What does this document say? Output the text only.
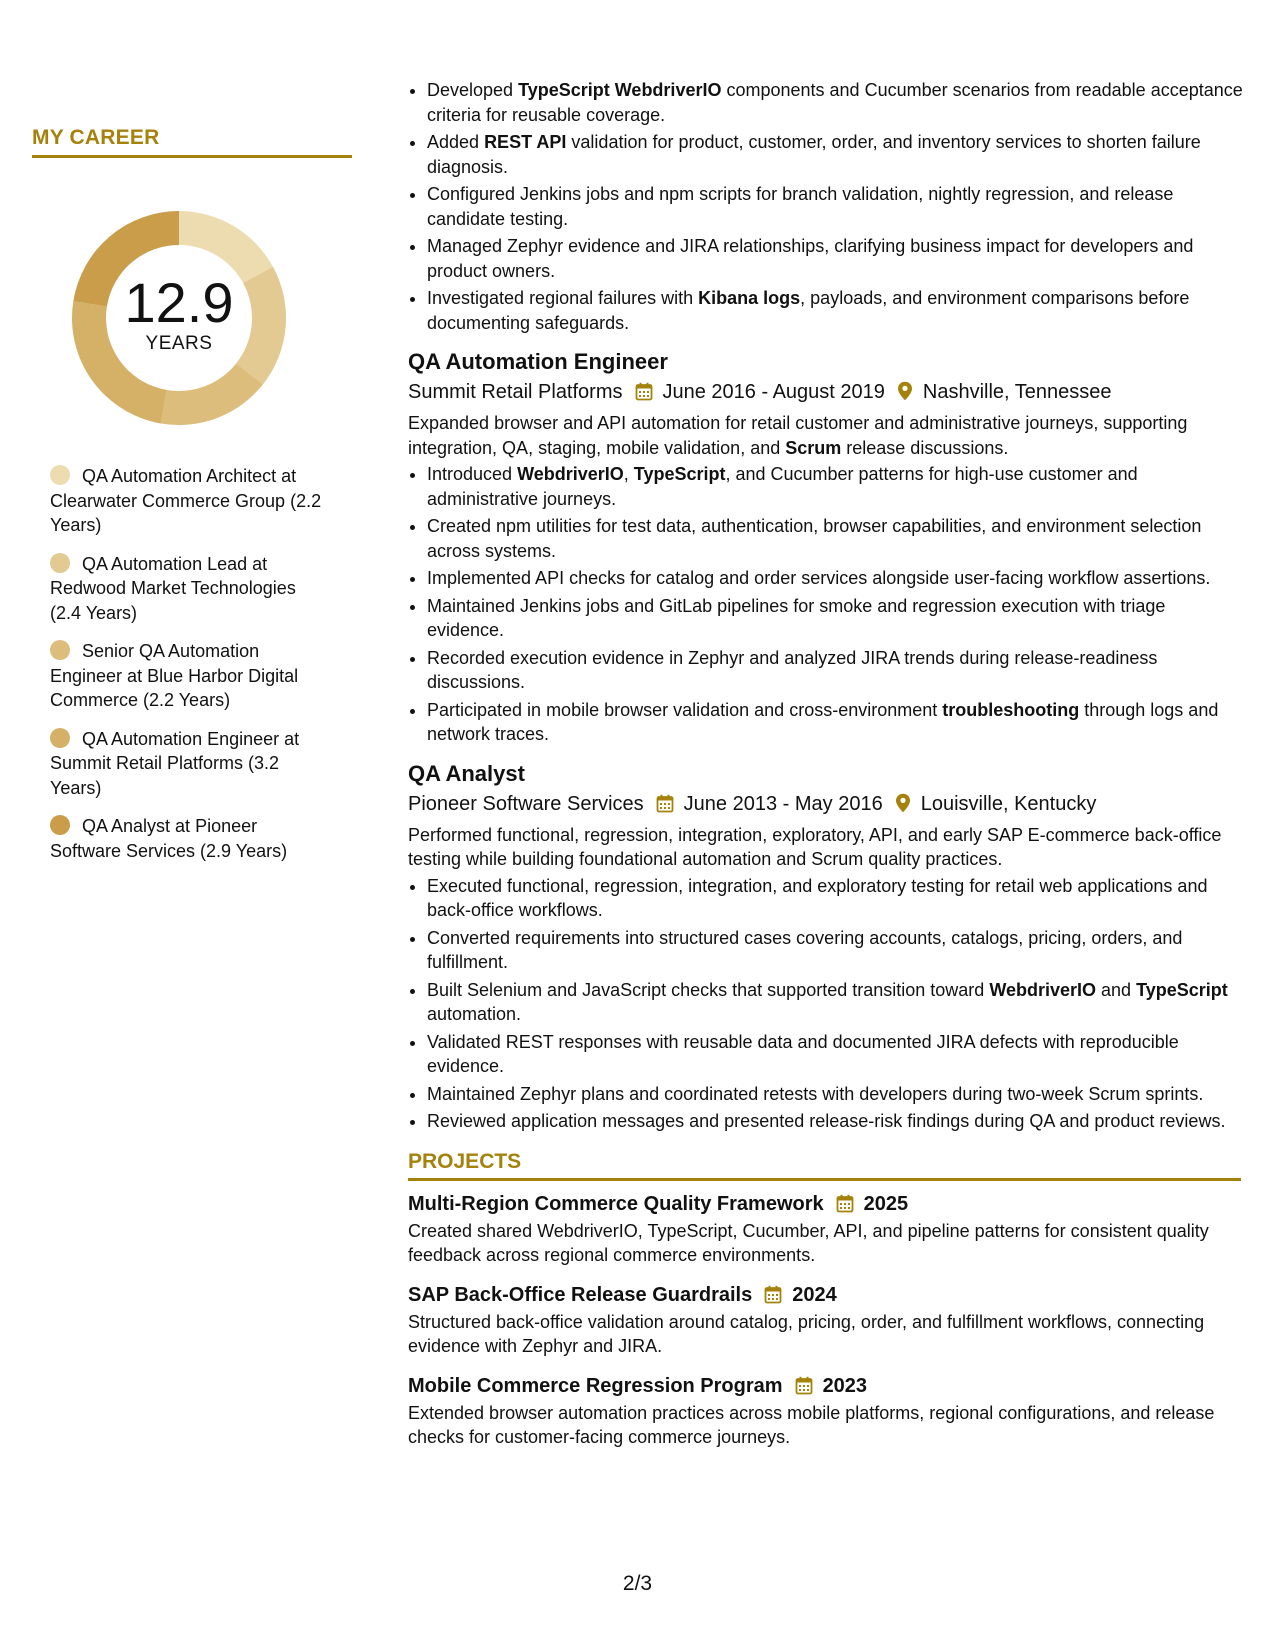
MY CAREER
12.9
YEARS
QA Automation Architect at Clearwater Commerce Group (2.2 Years)
QA Automation Lead at Redwood Market Technologies (2.4 Years)
Senior QA Automation Engineer at Blue Harbor Digital Commerce (2.2 Years)
QA Automation Engineer at Summit Retail Platforms (3.2 Years)
QA Analyst at Pioneer Software Services (2.9 Years)
• Developed TypeScript WebdriverIO components and Cucumber scenarios from readable acceptance criteria for reusable coverage.
• Added REST API validation for product, customer, order, and inventory services to shorten failure diagnosis.
• Configured Jenkins jobs and npm scripts for branch validation, nightly regression, and release candidate testing.
• Managed Zephyr evidence and JIRA relationships, clarifying business impact for developers and product owners.
• Investigated regional failures with Kibana logs, payloads, and environment comparisons before documenting safeguards.
QA Automation Engineer
Summit Retail Platforms June 2016 - August 2019 Nashville, Tennessee
Expanded browser and API automation for retail customer and administrative journeys, supporting integration, QA, staging, mobile validation, and Scrum release discussions.
• Introduced WebdriverIO, TypeScript, and Cucumber patterns for high-use customer and administrative journeys.
• Created npm utilities for test data, authentication, browser capabilities, and environment selection across systems.
• Implemented API checks for catalog and order services alongside user-facing workflow assertions.
• Maintained Jenkins jobs and GitLab pipelines for smoke and regression execution with triage evidence.
• Recorded execution evidence in Zephyr and analyzed JIRA trends during release-readiness discussions.
• Participated in mobile browser validation and cross-environment troubleshooting through logs and network traces.
QA Analyst
Pioneer Software Services June 2013 - May 2016 Louisville, Kentucky
Performed functional, regression, integration, exploratory, API, and early SAP E-commerce back-office testing while building foundational automation and Scrum quality practices.
• Executed functional, regression, integration, and exploratory testing for retail web applications and back-office workflows.
• Converted requirements into structured cases covering accounts, catalogs, pricing, orders, and fulfillment.
• Built Selenium and JavaScript checks that supported transition toward WebdriverIO and TypeScript automation.
• Validated REST responses with reusable data and documented JIRA defects with reproducible evidence.
• Maintained Zephyr plans and coordinated retests with developers during two-week Scrum sprints.
• Reviewed application messages and presented release-risk findings during QA and product reviews.
PROJECTS
Multi-Region Commerce Quality Framework 2025
Created shared WebdriverIO, TypeScript, Cucumber, API, and pipeline patterns for consistent quality feedback across regional commerce environments.
SAP Back-Office Release Guardrails 2024
Structured back-office validation around catalog, pricing, order, and fulfillment workflows, connecting evidence with Zephyr and JIRA.
Mobile Commerce Regression Program 2023
Extended browser automation practices across mobile platforms, regional configurations, and release checks for customer-facing commerce journeys.
2/3
